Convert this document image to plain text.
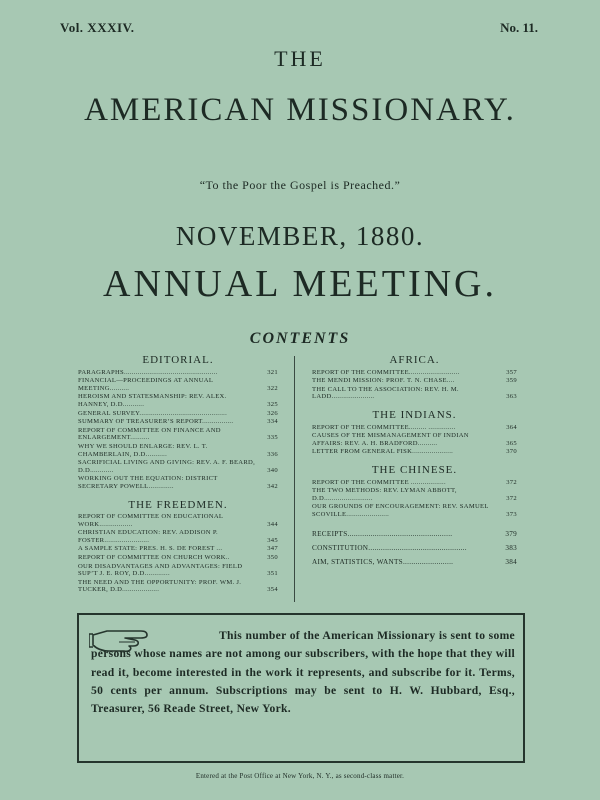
Vol. XXXIV.	No. 11.
THE
AMERICAN MISSIONARY.
“To the Poor the Gospel is Preached.”
NOVEMBER, 1880.
ANNUAL MEETING.
CONTENTS
EDITORIAL.
PARAGRAPHS................................................	321
FINANCIAL—PROCEEDINGS AT ANNUAL MEETING..........	322
HEROISM AND STATESMANSHIP: REV. ALEX. HANNEY, D.D...........	325
GENERAL SURVEY.............................................	326
SUMMARY OF TREASURER’S REPORT................	334
REPORT OF COMMITTEE ON FINANCE AND ENLARGEMENT..........	335
WHY WE SHOULD ENLARGE: REV. L. T. CHAMBERLAIN, D.D...........	336
SACRIFICIAL LIVING AND GIVING: REV. A. F. BEARD, D.D............	340
WORKING OUT THE EQUATION: DISTRICT SECRETARY POWELL.............	342
THE FREEDMEN.
REPORT OF COMMITTEE ON EDUCATIONAL WORK.................	344
CHRISTIAN EDUCATION: REV. ADDISON P. FOSTER.......................	345
A SAMPLE STATE: PRES. H. S. DE FOREST ...	347
REPORT OF COMMITTEE ON CHURCH WORK..	350
OUR DISADVANTAGES AND ADVANTAGES: FIELD SUP’T J. E. ROY, D.D.............	351
THE NEED AND THE OPPORTUNITY: PROF. WM. J. TUCKER, D.D...................	354
AFRICA.
REPORT OF THE COMMITTEE..........................	357
THE MENDI MISSION: PROF. T. N. CHASE....	359
THE CALL TO THE ASSOCIATION: REV. H. M. LADD......................	363
THE INDIANS.
REPORT OF THE COMMITTEE......... ..............	364
CAUSES OF THE MISMANAGEMENT OF INDIAN AFFAIRS: REV. A. H. BRADFORD..........	365
LETTER FROM GENERAL FISK.....................	370
THE CHINESE.
REPORT OF THE COMMITTEE ..................	372
THE TWO METHODS: REV. LYMAN ABBOTT, D.D.........................	372
OUR GROUNDS OF ENCOURAGEMENT: REV. SAMUEL SCOVILLE......................	373
RECEIPTS..................................................	379
CONSTITUTION...............................................	383
AIM, STATISTICS, WANTS........................	384
This number of the American Missionary is sent to some persons whose names are not among our subscribers, with the hope that they will read it, become interested in the work it represents, and subscribe for it. Terms, 50 cents per annum. Subscriptions may be sent to H. W. Hubbard, Esq., Treasurer, 56 Reade Street, New York.
Entered at the Post Office at New York, N. Y., as second-class matter.
